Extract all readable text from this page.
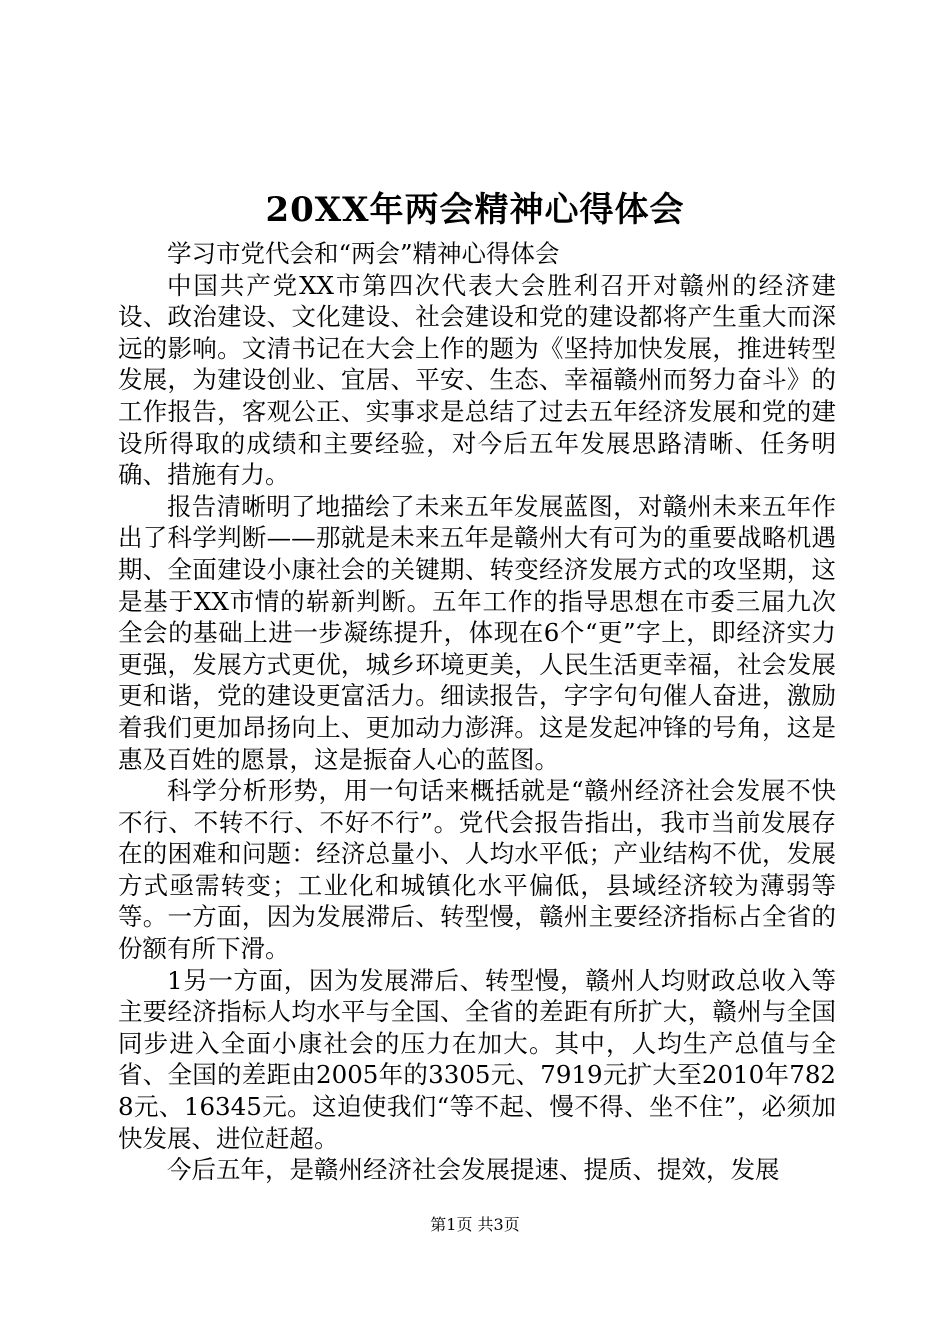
20XX年两会精神心得体会

学习市党代会和“两会”精神心得体会

中国共产党XX市第四次代表大会胜利召开对赣州的经济建设、政治建设、文化建设、社会建设和党的建设都将产生重大而深远的影响。文清书记在大会上作的题为《坚持加快发展，推进转型发展，为建设创业、宜居、平安、生态、幸福赣州而努力奋斗》的工作报告，客观公正、实事求是总结了过去五年经济发展和党的建设所得取的成绩和主要经验，对今后五年发展思路清晰、任务明确、措施有力。

报告清晰明了地描绘了未来五年发展蓝图，对赣州未来五年作出了科学判断——那就是未来五年是赣州大有可为的重要战略机遇期、全面建设小康社会的关键期、转变经济发展方式的攻坚期，这是基于XX市情的崭新判断。五年工作的指导思想在市委三届九次全会的基础上进一步凝练提升，体现在6个“更”字上，即经济实力更强，发展方式更优，城乡环境更美，人民生活更幸福，社会发展更和谐，党的建设更富活力。细读报告，字字句句催人奋进，激励着我们更加昂扬向上、更加动力澎湃。这是发起冲锋的号角，这是惠及百姓的愿景，这是振奋人心的蓝图。

科学分析形势，用一句话来概括就是“赣州经济社会发展不快不行、不转不行、不好不行”。党代会报告指出，我市当前发展存在的困难和问题：经济总量小、人均水平低；产业结构不优，发展方式亟需转变；工业化和城镇化水平偏低，县域经济较为薄弱等等。一方面，因为发展滞后、转型慢，赣州主要经济指标占全省的份额有所下滑。

1另一方面，因为发展滞后、转型慢，赣州人均财政总收入等主要经济指标人均水平与全国、全省的差距有所扩大，赣州与全国同步进入全面小康社会的压力在加大。其中，人均生产总值与全省、全国的差距由2005年的3305元、7919元扩大至2010年7828元、16345元。这迫使我们“等不起、慢不得、坐不住”，必须加快发展、进位赶超。

今后五年，是赣州经济社会发展提速、提质、提效，发展

第1页 共3页
